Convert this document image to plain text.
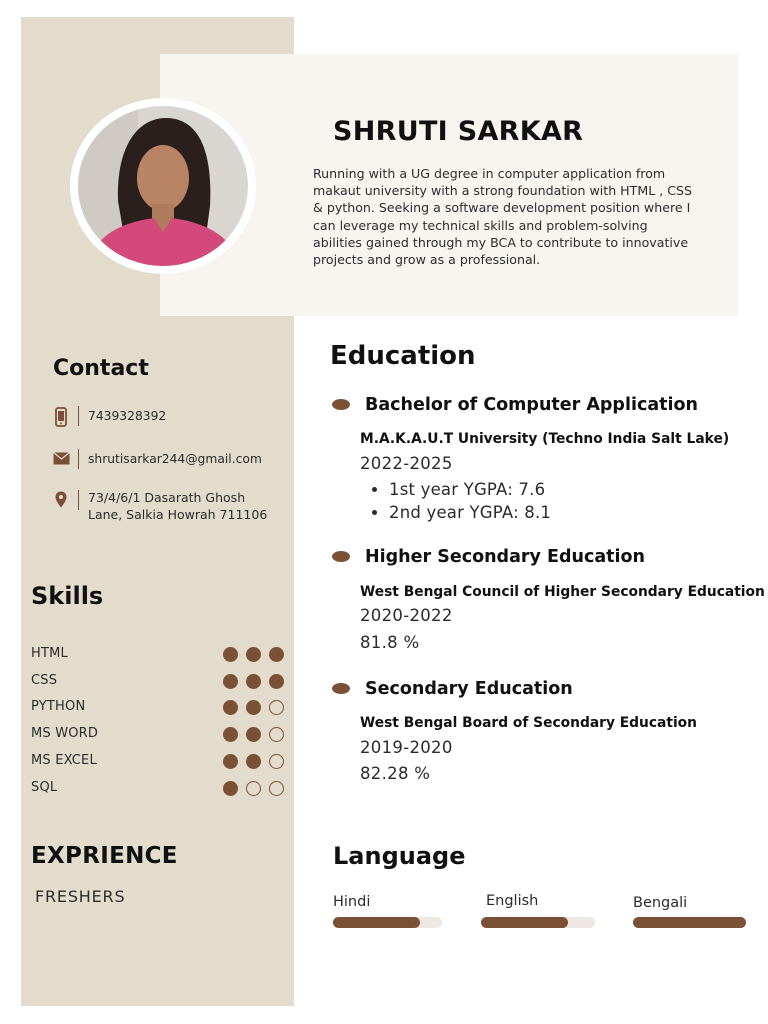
SHRUTI SARKAR

Running with a UG degree in computer application from makaut university with a strong foundation with HTML , CSS & python. Seeking a software development position where I can leverage my technical skills and problem-solving abilities gained through my BCA to contribute to innovative projects and grow as a professional.

Contact
7439328392
shrutisarkar244@gmail.com
73/4/6/1 Dasarath Ghosh Lane, Salkia Howrah 711106
Skills
HTML
CSS
PYTHON
MS WORD
MS EXCEL
SQL
EXPRIENCE

FRESHERS

Education
Bachelor of Computer Application

M.A.K.A.U.T University (Techno India Salt Lake)

2022-2025

• 1st year YGPA: 7.6
• 2nd year YGPA: 8.1
Higher Secondary Education

West Bengal Council of Higher Secondary Education

2020-2022

81.8 %

Secondary Education

West Bengal Board of Secondary Education

2019-2020

82.28 %

Language

Hindi	English	Bengali
